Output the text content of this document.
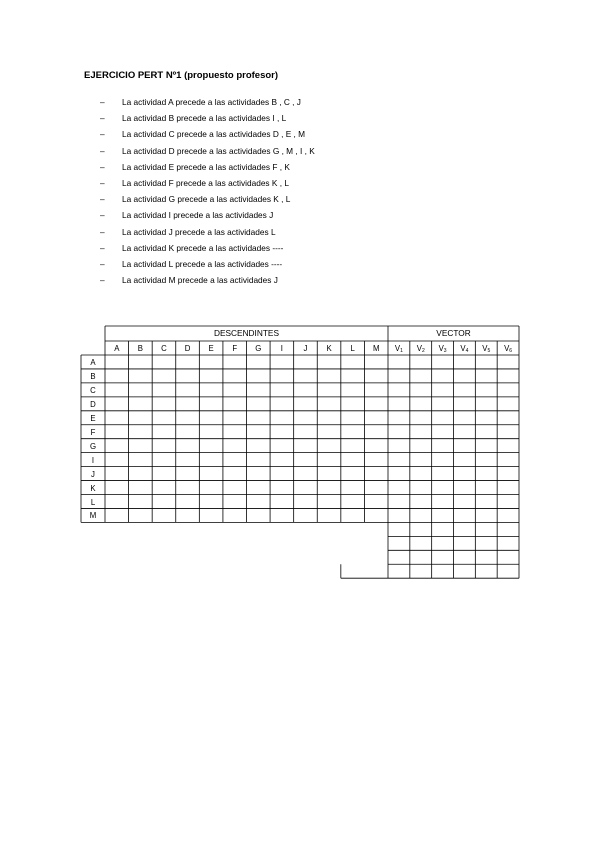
EJERCICIO PERT Nº1 (propuesto profesor)
– La actividad A precede a las actividades B , C , J
– La actividad B precede a las actividades I , L
– La actividad C precede a las actividades D , E , M
– La actividad D precede a las actividades G , M , I , K
– La actividad E precede a las actividades F , K
– La actividad F precede a las actividades K , L
– La actividad G precede a las actividades K , L
– La actividad I precede a las actividades J
– La actividad J precede a las actividades L
– La actividad K precede a las actividades ----
– La actividad L precede a las actividades ----
– La actividad M precede a las actividades J
DESCENDINTES	VECTOR
A	B	C	D	E	F	G	I	J	K	L	M	$V_1$	$V_2$	$V_3$	$V_4$	$V_5$	$V_6$
A
B
C
D
E
F
G
I
J
K
L
M
